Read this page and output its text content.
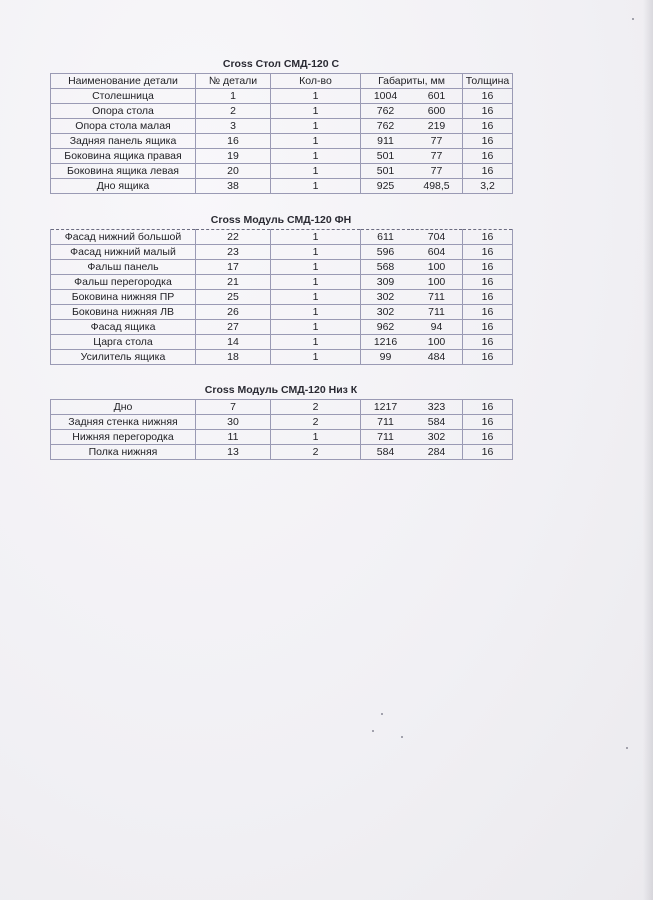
Cross Стол СМД-120 С
Наименование детали	№ детали	Кол-во	Габариты, мм		Толщина
Столешница	1	1	1004	601	16
Опора стола	2	1	762	600	16
Опора стола малая	3	1	762	219	16
Задняя панель ящика	16	1	911	77	16
Боковина ящика правая	19	1	501	77	16
Боковина ящика левая	20	1	501	77	16
Дно ящика	38	1	925	498,5	3,2
Cross Модуль СМД-120 ФН
Фасад нижний большой	22	1	611	704	16
Фасад нижний малый	23	1	596	604	16
Фальш панель	17	1	568	100	16
Фальш перегородка	21	1	309	100	16
Боковина нижняя ПР	25	1	302	711	16
Боковина нижняя ЛВ	26	1	302	711	16
Фасад ящика	27	1	962	94	16
Царга стола	14	1	1216	100	16
Усилитель ящика	18	1	99	484	16
Cross Модуль СМД-120 Низ К
Дно	7	2	1217	323	16
Задняя стенка нижняя	30	2	711	584	16
Нижняя перегородка	11	1	711	302	16
Полка нижняя	13	2	584	284	16
